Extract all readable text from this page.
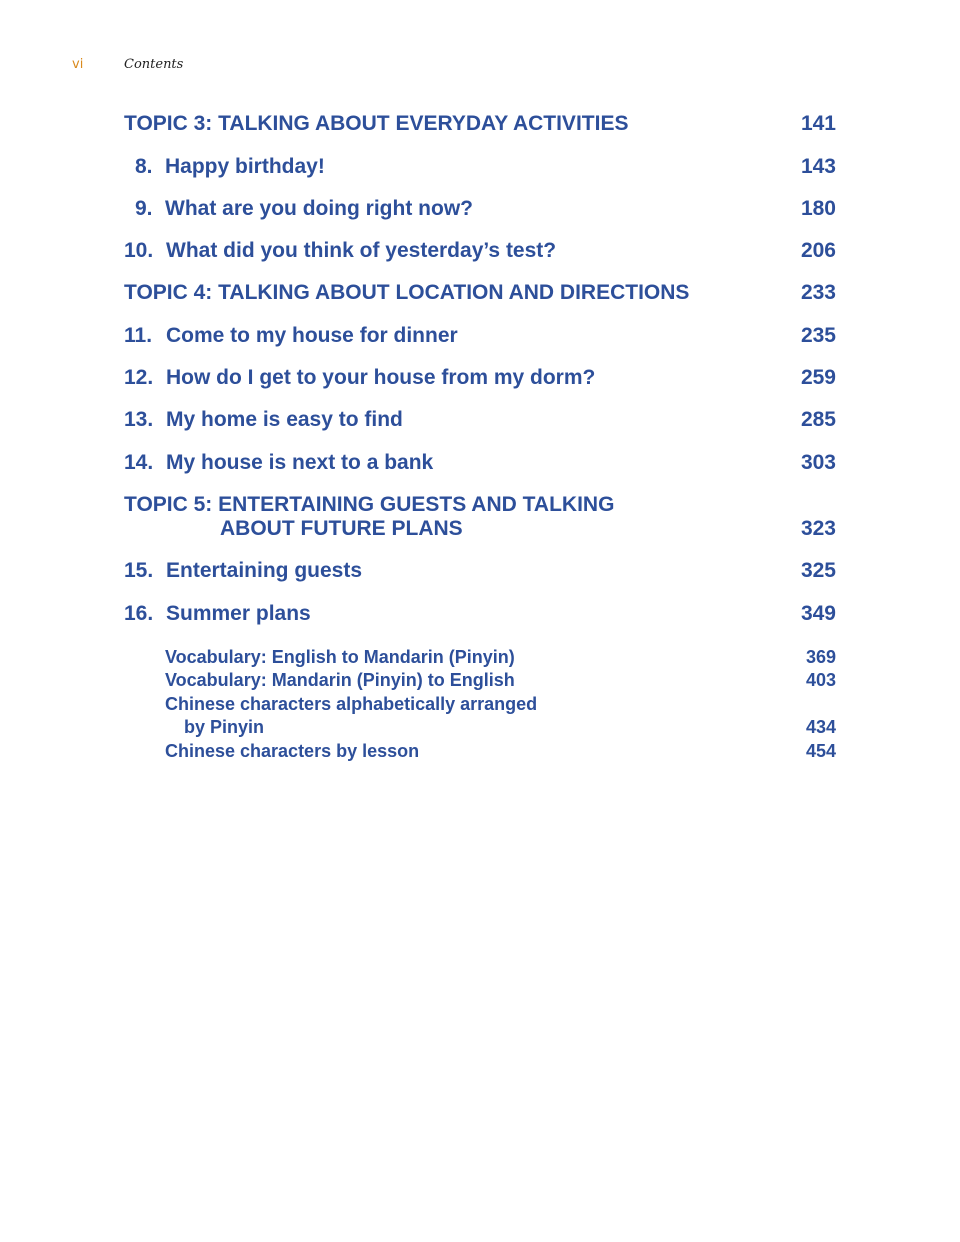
vi	Contents
TOPIC 3: TALKING ABOUT EVERYDAY ACTIVITIES	141
8. Happy birthday!	143
9. What are you doing right now?	180
10. What did you think of yesterday’s test?	206
TOPIC 4: TALKING ABOUT LOCATION AND DIRECTIONS	233
11. Come to my house for dinner	235
12. How do I get to your house from my dorm?	259
13. My home is easy to find	285
14. My house is next to a bank	303
TOPIC 5: ENTERTAINING GUESTS AND TALKING
ABOUT FUTURE PLANS	323
15. Entertaining guests	325
16. Summer plans	349
Vocabulary: English to Mandarin (Pinyin)	369
Vocabulary: Mandarin (Pinyin) to English	403
Chinese characters alphabetically arranged
by Pinyin	434
Chinese characters by lesson	454
